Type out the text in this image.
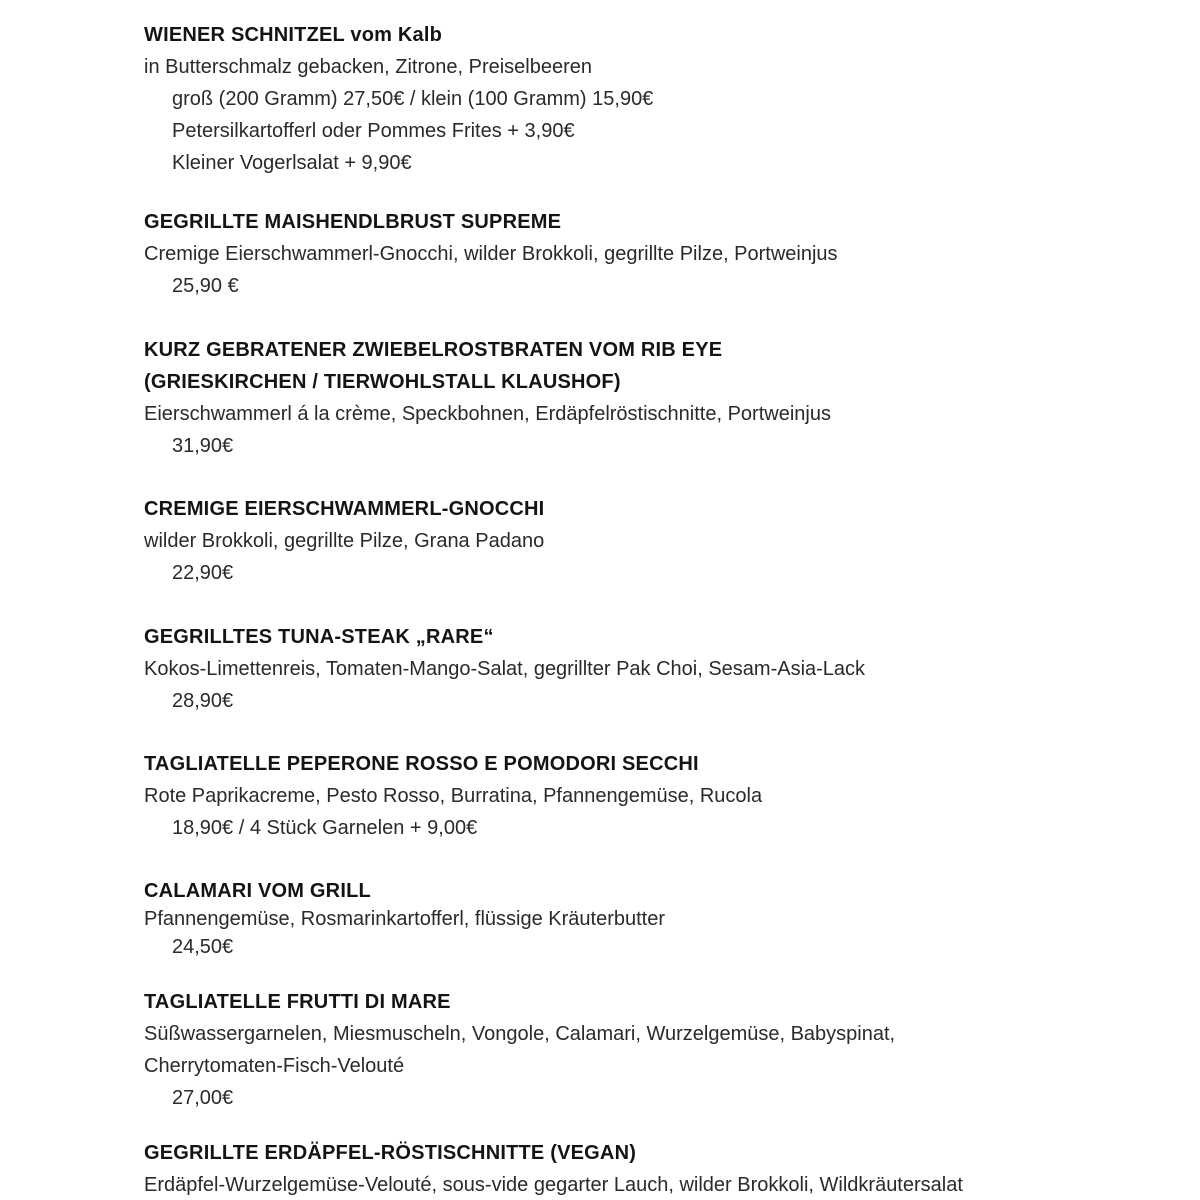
WIENER SCHNITZEL vom Kalb

in Butterschmalz gebacken, Zitrone, Preiselbeeren

groß (200 Gramm) 27,50€ / klein (100 Gramm) 15,90€

Petersilkartofferl oder Pommes Frites + 3,90€

Kleiner Vogerlsalat + 9,90€

GEGRILLTE MAISHENDLBRUST SUPREME

Cremige Eierschwammerl-Gnocchi, wilder Brokkoli, gegrillte Pilze, Portweinjus

25,90 €

KURZ GEBRATENER ZWIEBELROSTBRATEN VOM RIB EYE

(GRIESKIRCHEN / TIERWOHLSTALL KLAUSHOF)

Eierschwammerl á la crème, Speckbohnen, Erdäpfelröstischnitte, Portweinjus

31,90€

CREMIGE EIERSCHWAMMERL-GNOCCHI

wilder Brokkoli, gegrillte Pilze, Grana Padano

22,90€

GEGRILLTES TUNA-STEAK „RARE“

Kokos-Limettenreis, Tomaten-Mango-Salat, gegrillter Pak Choi, Sesam-Asia-Lack

28,90€

TAGLIATELLE PEPERONE ROSSO E POMODORI SECCHI

Rote Paprikacreme, Pesto Rosso, Burratina, Pfannengemüse, Rucola

18,90€ / 4 Stück Garnelen + 9,00€

CALAMARI VOM GRILL

Pfannengemüse, Rosmarinkartofferl, flüssige Kräuterbutter

24,50€

TAGLIATELLE FRUTTI DI MARE

Süßwassergarnelen, Miesmuscheln, Vongole, Calamari, Wurzelgemüse, Babyspinat,

Cherrytomaten-Fisch-Velouté

27,00€

GEGRILLTE ERDÄPFEL-RÖSTISCHNITTE (VEGAN)

Erdäpfel-Wurzelgemüse-Velouté, sous-vide gegarter Lauch, wilder Brokkoli, Wildkräutersalat
